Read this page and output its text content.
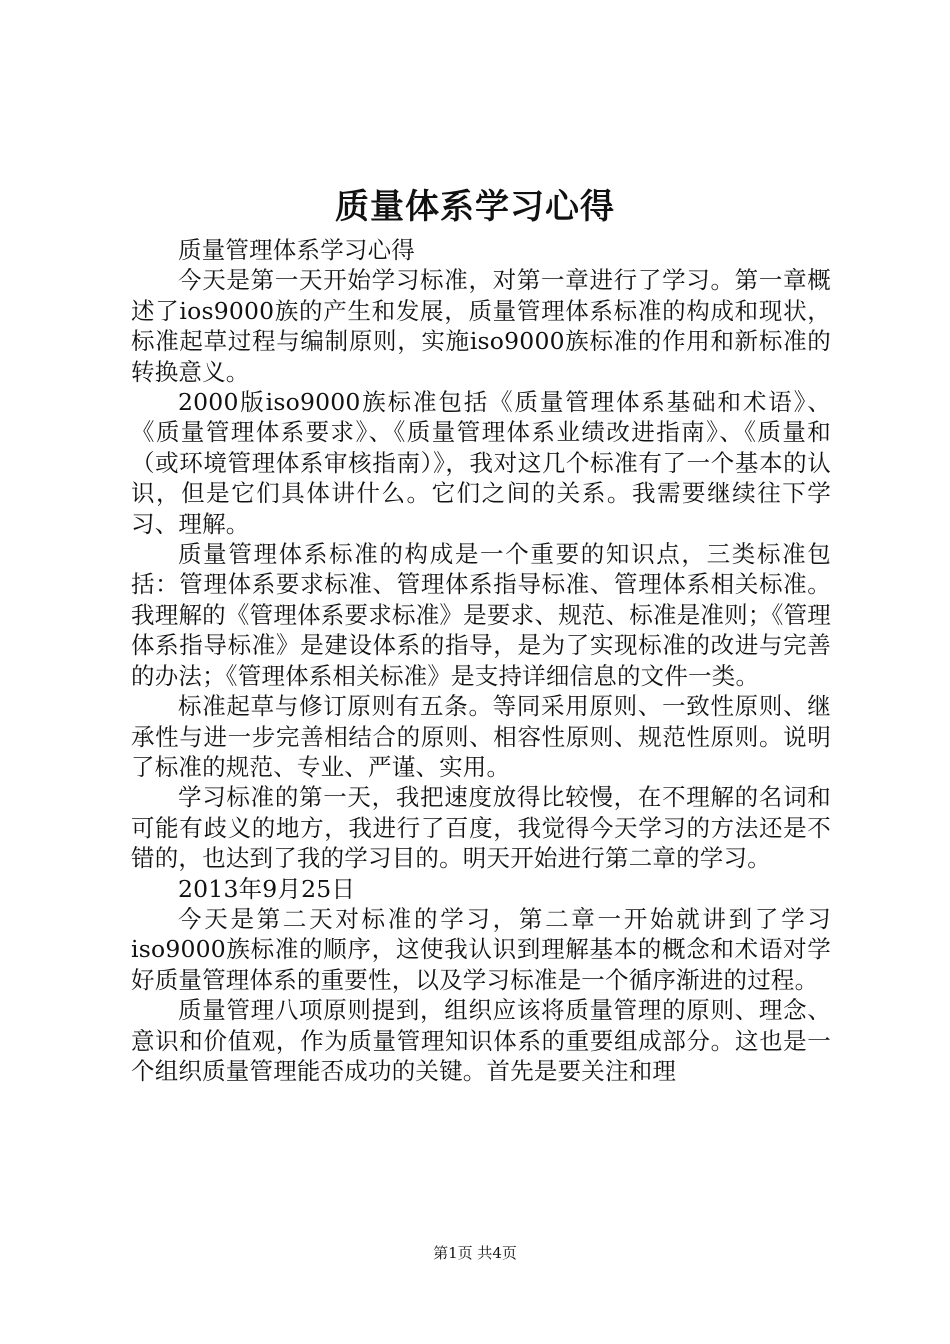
质量体系学习心得

质量管理体系学习心得

今天是第一天开始学习标准，对第一章进行了学习。第一章概述了ios9000族的产生和发展，质量管理体系标准的构成和现状，标准起草过程与编制原则，实施iso9000族标准的作用和新标准的转换意义。

2000版iso9000族标准包括《质量管理体系基础和术语》、《质量管理体系要求》、《质量管理体系业绩改进指南》、《质量和（或环境管理体系审核指南）》，我对这几个标准有了一个基本的认识，但是它们具体讲什么。它们之间的关系。我需要继续往下学习、理解。

质量管理体系标准的构成是一个重要的知识点，三类标准包括：管理体系要求标准、管理体系指导标准、管理体系相关标准。我理解的《管理体系要求标准》是要求、规范、标准是准则；《管理体系指导标准》是建设体系的指导，是为了实现标准的改进与完善的办法；《管理体系相关标准》是支持详细信息的文件一类。

标准起草与修订原则有五条。等同采用原则、一致性原则、继承性与进一步完善相结合的原则、相容性原则、规范性原则。说明了标准的规范、专业、严谨、实用。

学习标准的第一天，我把速度放得比较慢，在不理解的名词和可能有歧义的地方，我进行了百度，我觉得今天学习的方法还是不错的，也达到了我的学习目的。明天开始进行第二章的学习。

2013年9月25日

今天是第二天对标准的学习，第二章一开始就讲到了学习iso9000族标准的顺序，这使我认识到理解基本的概念和术语对学好质量管理体系的重要性，以及学习标准是一个循序渐进的过程。

质量管理八项原则提到，组织应该将质量管理的原则、理念、意识和价值观，作为质量管理知识体系的重要组成部分。这也是一个组织质量管理能否成功的关键。首先是要关注和理

第1页 共4页
